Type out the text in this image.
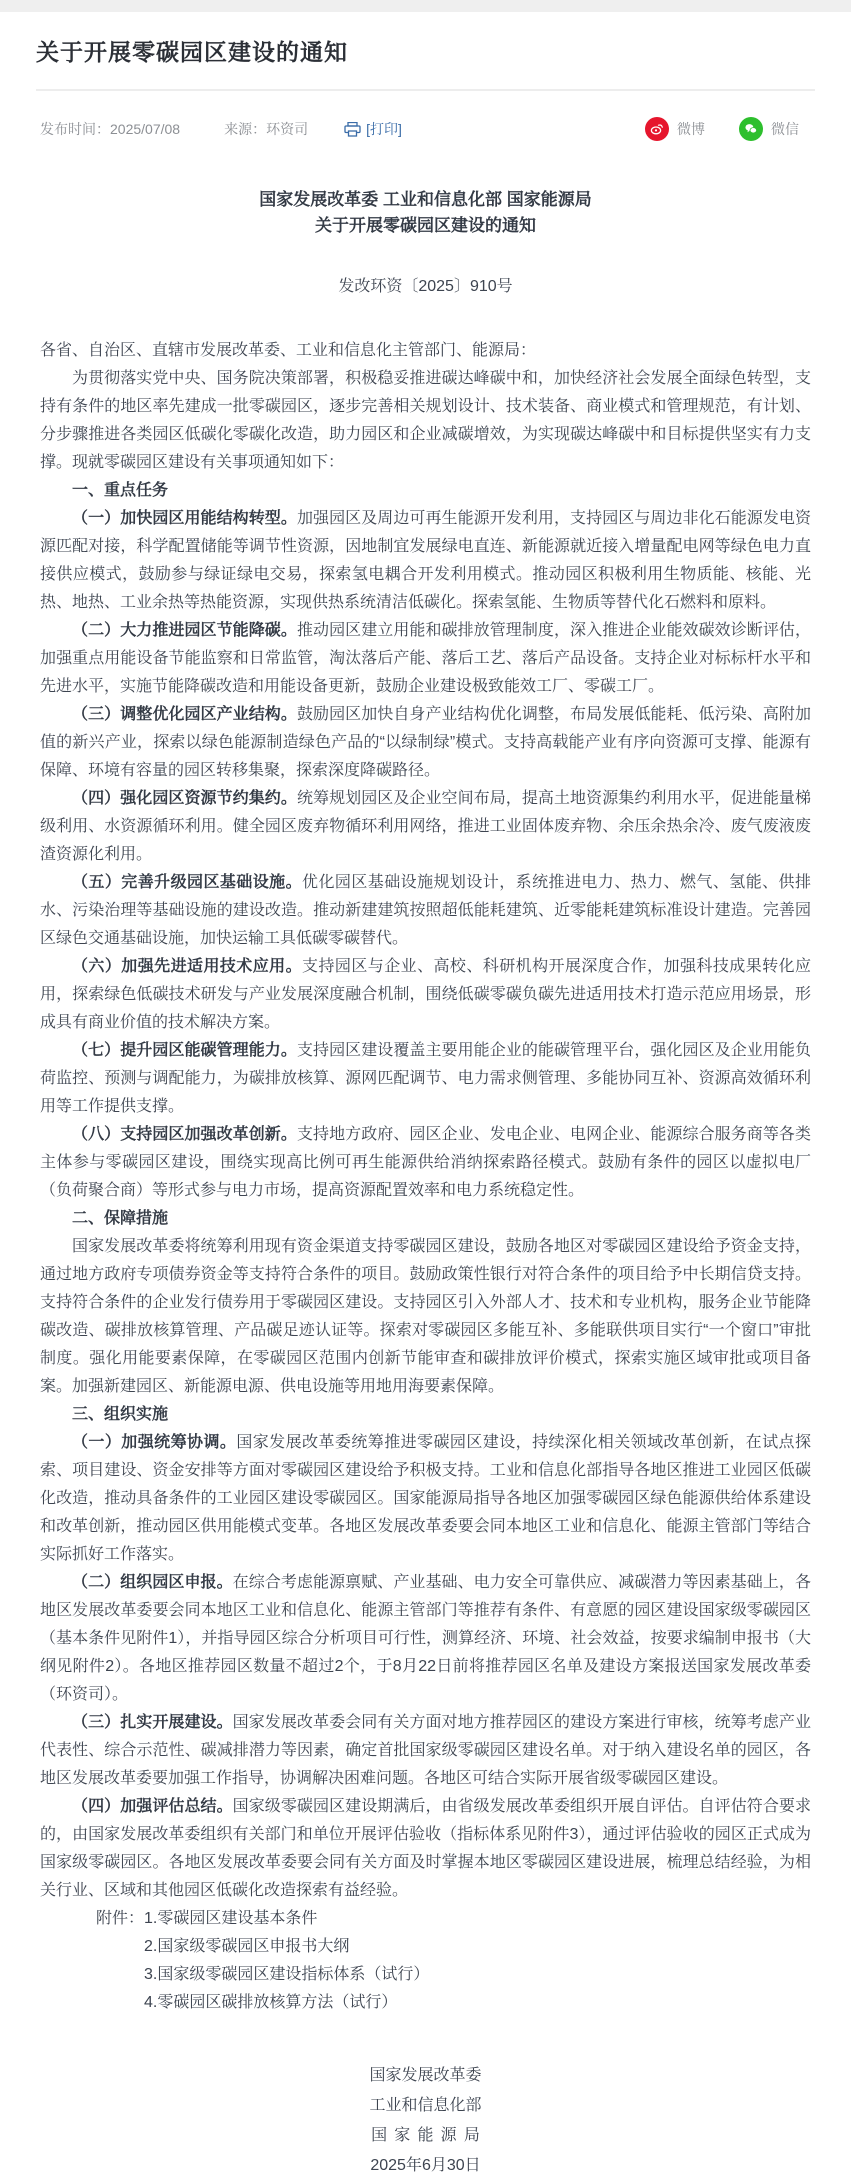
关于开展零碳园区建设的通知
发布时间： 2025/07/08	来源： 环资司	[打印]	微博	微信
国家发展改革委 工业和信息化部 国家能源局
关于开展零碳园区建设的通知
发改环资〔2025〕910号

各省、自治区、直辖市发展改革委、工业和信息化主管部门、能源局：

为贯彻落实党中央、国务院决策部署，积极稳妥推进碳达峰碳中和，加快经济社会发展全面绿色转型，支持有条件的地区率先建成一批零碳园区，逐步完善相关规划设计、技术装备、商业模式和管理规范，有计划、分步骤推进各类园区低碳化零碳化改造，助力园区和企业减碳增效，为实现碳达峰碳中和目标提供坚实有力支撑。现就零碳园区建设有关事项通知如下：

一、重点任务

（一）加快园区用能结构转型。加强园区及周边可再生能源开发利用，支持园区与周边非化石能源发电资源匹配对接，科学配置储能等调节性资源，因地制宜发展绿电直连、新能源就近接入增量配电网等绿色电力直接供应模式，鼓励参与绿证绿电交易，探索氢电耦合开发利用模式。推动园区积极利用生物质能、核能、光热、地热、工业余热等热能资源，实现供热系统清洁低碳化。探索氢能、生物质等替代化石燃料和原料。

（二）大力推进园区节能降碳。推动园区建立用能和碳排放管理制度，深入推进企业能效碳效诊断评估，加强重点用能设备节能监察和日常监管，淘汰落后产能、落后工艺、落后产品设备。支持企业对标标杆水平和先进水平，实施节能降碳改造和用能设备更新，鼓励企业建设极致能效工厂、零碳工厂。

（三）调整优化园区产业结构。鼓励园区加快自身产业结构优化调整，布局发展低能耗、低污染、高附加值的新兴产业，探索以绿色能源制造绿色产品的“以绿制绿”模式。支持高载能产业有序向资源可支撑、能源有保障、环境有容量的园区转移集聚，探索深度降碳路径。

（四）强化园区资源节约集约。统筹规划园区及企业空间布局，提高土地资源集约利用水平，促进能量梯级利用、水资源循环利用。健全园区废弃物循环利用网络，推进工业固体废弃物、余压余热余冷、废气废液废渣资源化利用。

（五）完善升级园区基础设施。优化园区基础设施规划设计，系统推进电力、热力、燃气、氢能、供排水、污染治理等基础设施的建设改造。推动新建建筑按照超低能耗建筑、近零能耗建筑标准设计建造。完善园区绿色交通基础设施，加快运输工具低碳零碳替代。

（六）加强先进适用技术应用。支持园区与企业、高校、科研机构开展深度合作，加强科技成果转化应用，探索绿色低碳技术研发与产业发展深度融合机制，围绕低碳零碳负碳先进适用技术打造示范应用场景，形成具有商业价值的技术解决方案。

（七）提升园区能碳管理能力。支持园区建设覆盖主要用能企业的能碳管理平台，强化园区及企业用能负荷监控、预测与调配能力，为碳排放核算、源网匹配调节、电力需求侧管理、多能协同互补、资源高效循环利用等工作提供支撑。

（八）支持园区加强改革创新。支持地方政府、园区企业、发电企业、电网企业、能源综合服务商等各类主体参与零碳园区建设，围绕实现高比例可再生能源供给消纳探索路径模式。鼓励有条件的园区以虚拟电厂（负荷聚合商）等形式参与电力市场，提高资源配置效率和电力系统稳定性。

二、保障措施

国家发展改革委将统筹利用现有资金渠道支持零碳园区建设，鼓励各地区对零碳园区建设给予资金支持，通过地方政府专项债券资金等支持符合条件的项目。鼓励政策性银行对符合条件的项目给予中长期信贷支持。支持符合条件的企业发行债券用于零碳园区建设。支持园区引入外部人才、技术和专业机构，服务企业节能降碳改造、碳排放核算管理、产品碳足迹认证等。探索对零碳园区多能互补、多能联供项目实行“一个窗口”审批制度。强化用能要素保障，在零碳园区范围内创新节能审查和碳排放评价模式，探索实施区域审批或项目备案。加强新建园区、新能源电源、供电设施等用地用海要素保障。

三、组织实施

（一）加强统筹协调。国家发展改革委统筹推进零碳园区建设，持续深化相关领域改革创新，在试点探索、项目建设、资金安排等方面对零碳园区建设给予积极支持。工业和信息化部指导各地区推进工业园区低碳化改造，推动具备条件的工业园区建设零碳园区。国家能源局指导各地区加强零碳园区绿色能源供给体系建设和改革创新，推动园区供用能模式变革。各地区发展改革委要会同本地区工业和信息化、能源主管部门等结合实际抓好工作落实。

（二）组织园区申报。在综合考虑能源禀赋、产业基础、电力安全可靠供应、减碳潜力等因素基础上，各地区发展改革委要会同本地区工业和信息化、能源主管部门等推荐有条件、有意愿的园区建设国家级零碳园区（基本条件见附件1），并指导园区综合分析项目可行性，测算经济、环境、社会效益，按要求编制申报书（大纲见附件2）。各地区推荐园区数量不超过2个，于8月22日前将推荐园区名单及建设方案报送国家发展改革委（环资司）。

（三）扎实开展建设。国家发展改革委会同有关方面对地方推荐园区的建设方案进行审核，统筹考虑产业代表性、综合示范性、碳减排潜力等因素，确定首批国家级零碳园区建设名单。对于纳入建设名单的园区，各地区发展改革委要加强工作指导，协调解决困难问题。各地区可结合实际开展省级零碳园区建设。

（四）加强评估总结。国家级零碳园区建设期满后，由省级发展改革委组织开展自评估。自评估符合要求的，由国家发展改革委组织有关部门和单位开展评估验收（指标体系见附件3），通过评估验收的园区正式成为国家级零碳园区。各地区发展改革委要会同有关方面及时掌握本地区零碳园区建设进展，梳理总结经验，为相关行业、区域和其他园区低碳化改造探索有益经验。

附件： 1.零碳园区建设基本条件
2.国家级零碳园区申报书大纲
3.国家级零碳园区建设指标体系（试行）
4.零碳园区碳排放核算方法（试行）
国家发展改革委
工业和信息化部
国家能源局
2025年6月30日
